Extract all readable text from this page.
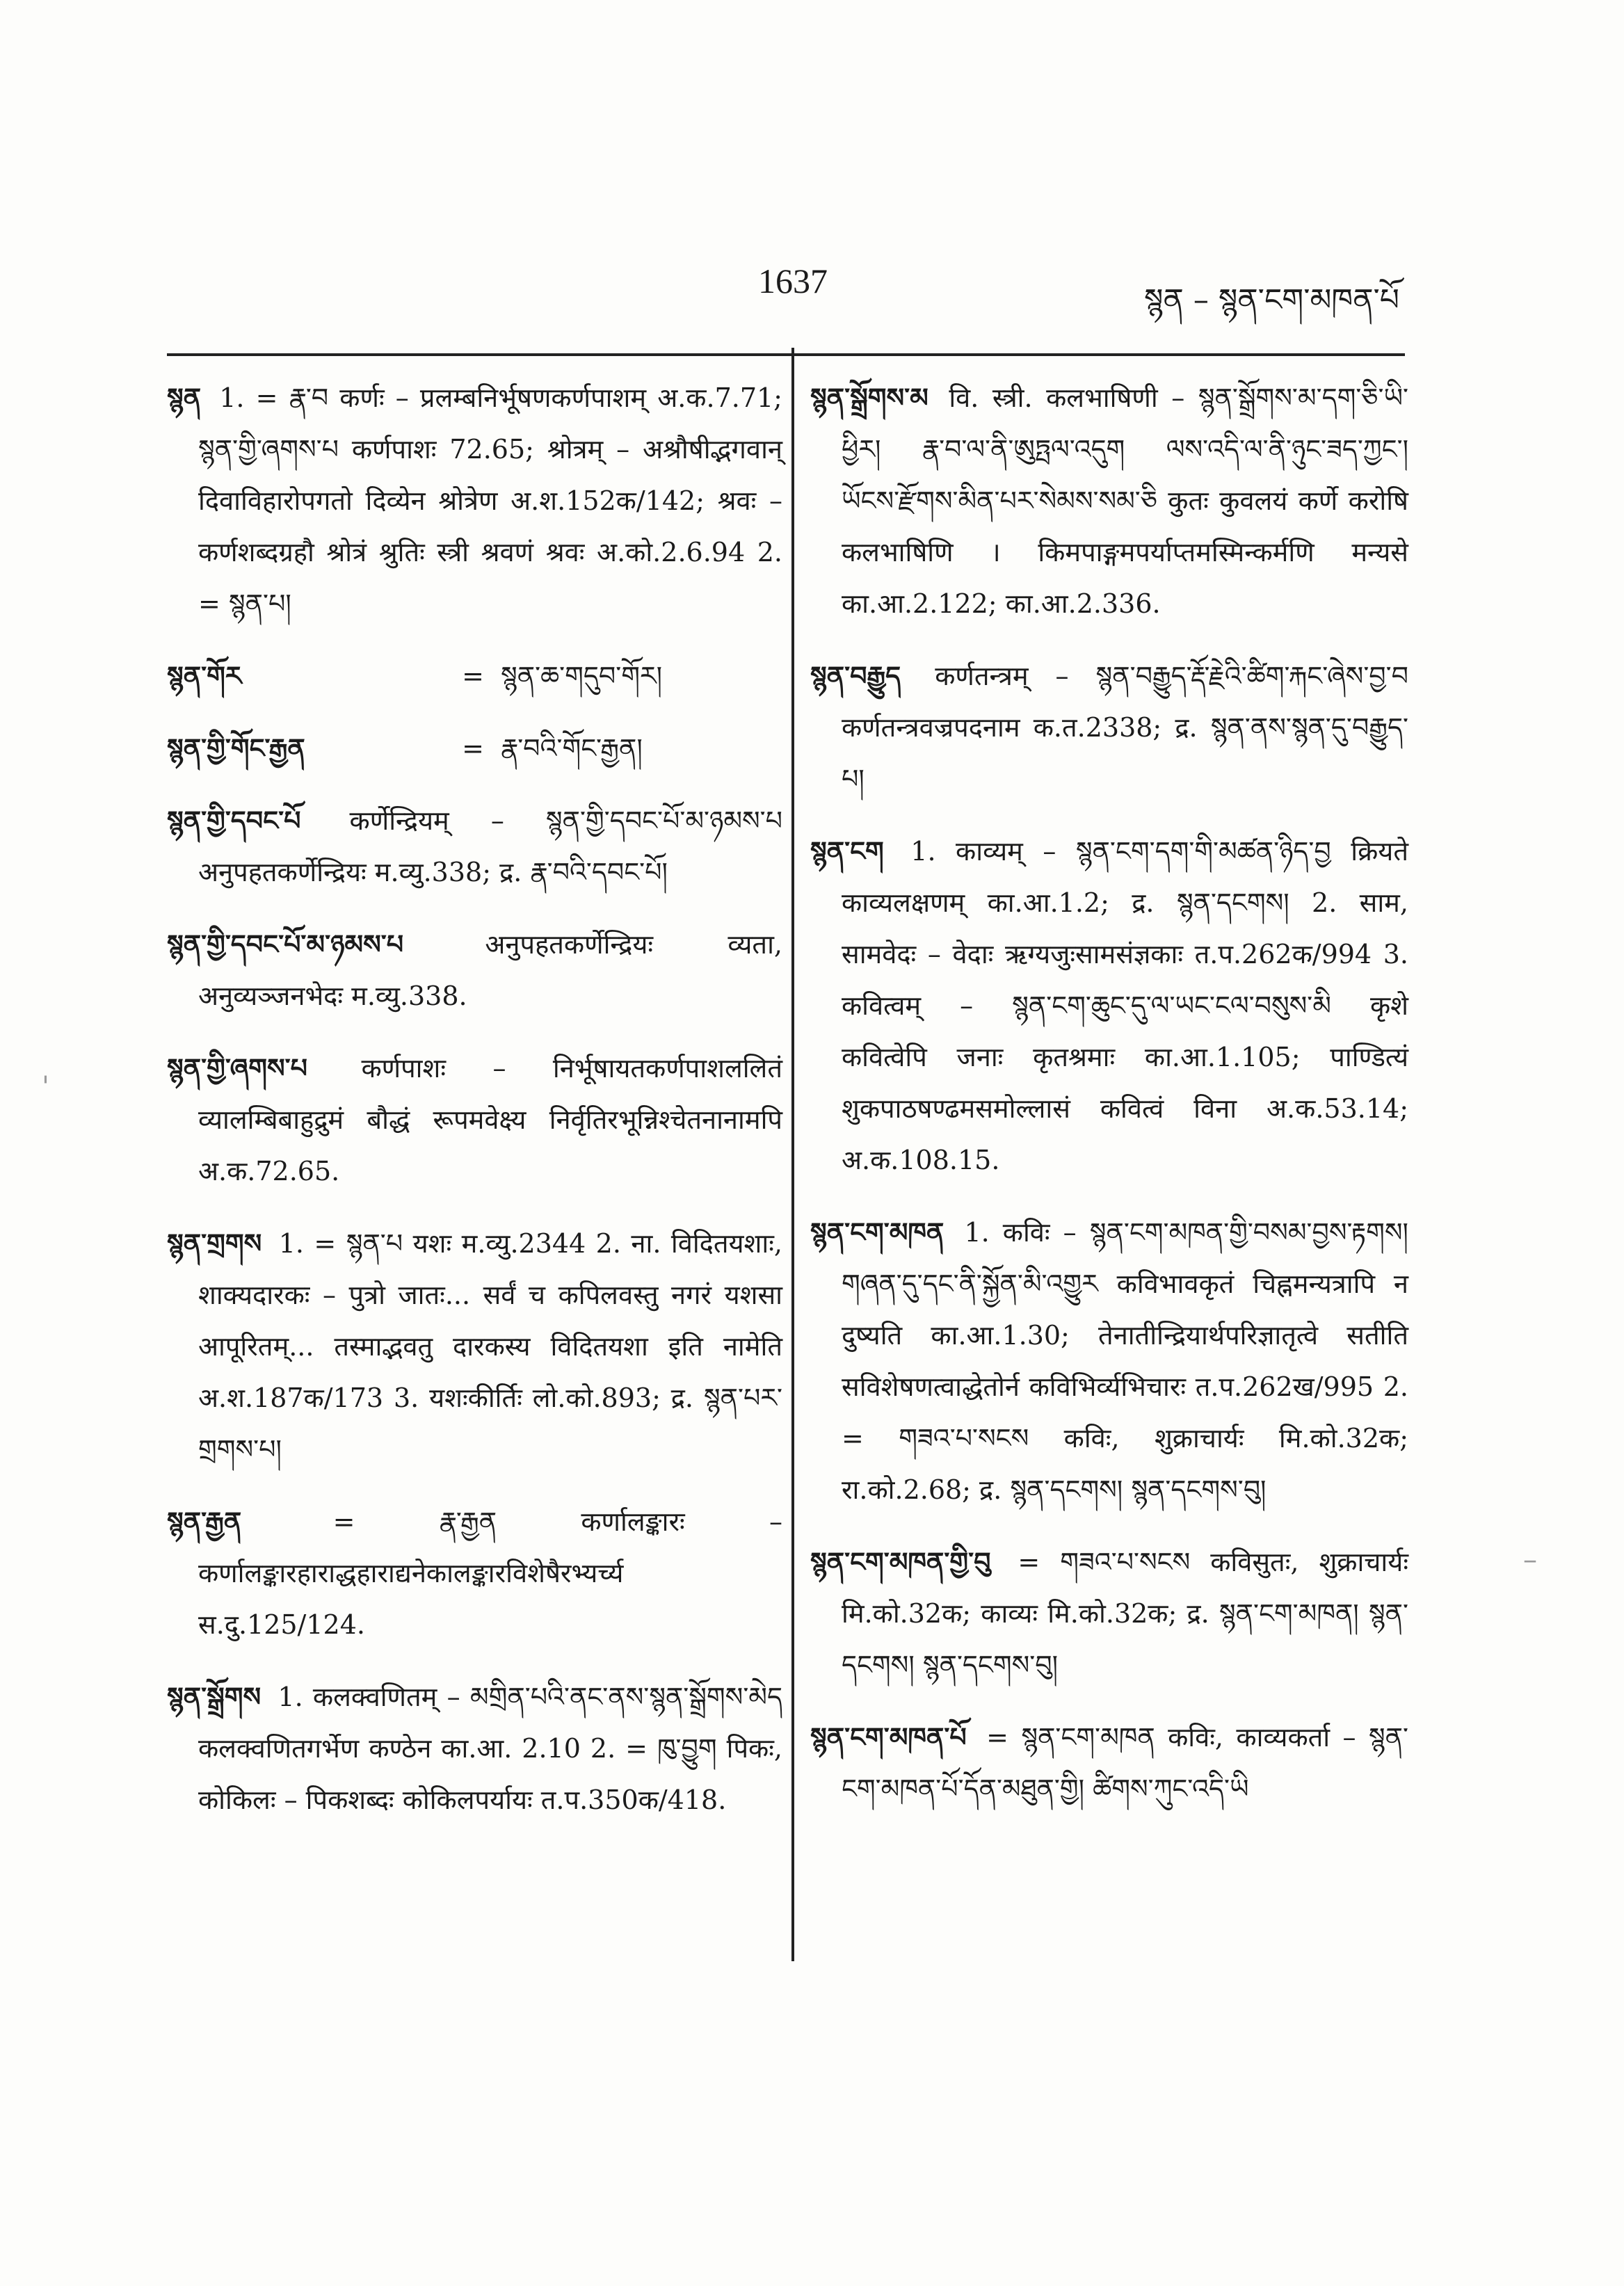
1637	སྙན – སྙན་ངག་མཁན་པོ
སྙན 1. = རྣ་བ कर्णः – प्रलम्बनिर्भूषणकर्णपाशम् अ.क.7.71; སྙན་གྱི་ཞགས་པ कर्णपाशः 72.65; श्रोत्रम् – अश्रौषीद्भगवान् दिवाविहारोपगतो दिव्येन श्रोत्रेण अ.श.152क/142; श्रवः – कर्णशब्दग्रहौ श्रोत्रं श्रुतिः स्त्री श्रवणं श्रवः अ.को.2.6.94 2. = སྙན་པ།
སྙན་གོར	= སྙན་ཆ་གདུབ་གོར།
སྙན་གྱི་གོང་རྒྱན	= རྣ་བའི་གོང་རྒྱན།
སྙན་གྱི་དབང་པོ कर्णेन्द्रियम् – སྙན་གྱི་དབང་པོ་མ་ཉམས་པ अनुपहतकर्णेन्द्रियः म.व्यु.338; द्र. རྣ་བའི་དབང་པོ།
སྙན་གྱི་དབང་པོ་མ་ཉམས་པ	अनुपहतकर्णेन्द्रियः व्यता, अनुव्यञ्जनभेदः म.व्यु.338.
སྙན་གྱི་ཞགས་པ कर्णपाशः – निर्भूषायतकर्णपाशललितं व्यालम्बिबाहुद्रुमं बौद्धं रूपमवेक्ष्य निर्वृतिरभून्निश्चेतनानामपि अ.क.72.65.
སྙན་གྲགས 1. = སྙན་པ यशः म.व्यु.2344 2. ना. विदितयशाः, शाक्यदारकः – पुत्रो जातः... सर्वं च कपिलवस्तु नगरं यशसा आपूरितम्... तस्माद्भवतु दारकस्य विदितयशा इति नामेति अ.श.187क/173 3. यशःकीर्तिः लो.को.893; द्र. སྙན་པར་གྲགས་པ།
སྙན་རྒྱན	= རྣ་རྒྱན कर्णालङ्कारः – कर्णालङ्कारहाराद्धहाराद्यनेकालङ्कारविशेषैरभ्यर्च्य स.दु.125/124.
སྙན་སྒྲོགས 1. कलक्वणितम् – མགྲིན་པའི་ནང་ནས་སྙན་སྒྲོགས་མེད कलक्वणितगर्भेण कण्ठेन का.आ. 2.10 2. = ཁུ་བྱུག पिकः, कोकिलः – पिकशब्दः कोकिलपर्यायः त.प.350क/418.
སྙན་སྒྲོགས་མ वि. स्त्री. कलभाषिणी – སྙན་སྒྲོགས་མ་དག་ཅི་ཡི་ཕྱིར། རྣ་བ་ལ་ནི་ཨུཏྤལ་འདུག ལས་འདི་ལ་ནི་ཉུང་ཟད་ཀྱང་། ཡོངས་རྫོགས་མིན་པར་སེམས་སམ་ཅི कुतः कुवलयं कर्णे करोषि कलभाषिणि । किमपाङ्गमपर्याप्तमस्मिन्कर्मणि मन्यसे का.आ.2.122; का.आ.2.336.
སྙན་བརྒྱུད कर्णतन्त्रम् – སྙན་བརྒྱུད་རྡོ་རྗེའི་ཚིག་རྐང་ཞེས་བྱ་བ कर्णतन्त्रवज्रपदनाम क.त.2338; द्र. སྙན་ནས་སྙན་དུ་བརྒྱུད་པ།
སྙན་ངག 1. काव्यम् – སྙན་ངག་དག་གི་མཚན་ཉིད་བྱ क्रियते काव्यलक्षणम् का.आ.1.2; द्र. སྙན་དངགས། 2. साम, सामवेदः – वेदाः ऋग्यजुःसामसंज्ञकाः त.प.262क/994 3. कवित्वम् – སྙན་ངག་ཆུང་དུ་ལ་ཡང་ངལ་བསུས་མི कृशे कवित्वेपि जनाः कृतश्रमाः का.आ.1.105; पाण्डित्यं शुकपाठषण्ढमसमोल्लासं कवित्वं विना अ.क.53.14; अ.क.108.15.
སྙན་ངག་མཁན 1. कविः – སྙན་ངག་མཁན་གྱི་བསམ་བྱས་རྟགས། གཞན་དུ་དང་ནི་སྐྱོན་མི་འགྱུར कविभावकृतं चिह्नमन्यत्रापि न दुष्यति का.आ.1.30; तेनातीन्द्रियार्थपरिज्ञातृत्वे सतीति सविशेषणत्वाद्धेतोर्न कविभिर्व्यभिचारः त.प.262ख/995 2. = གཟའ་པ་སངས कविः, शुक्राचार्यः मि.को.32क; रा.को.2.68; द्र. སྙན་དངགས། སྙན་དངགས་བུ།
སྙན་ངག་མཁན་གྱི་བུ = གཟའ་པ་སངས कविसुतः, शुक्राचार्यः मि.को.32क; काव्यः मि.को.32क; द्र. སྙན་ངག་མཁན། སྙན་དངགས། སྙན་དངགས་བུ།
སྙན་ངག་མཁན་པོ = སྙན་ངག་མཁན कविः, काव्यकर्ता – སྙན་ངག་མཁན་པོ་དོན་མཐུན་གྱི། ཚིགས་ཀུང་འདི་ཡི
'
–
